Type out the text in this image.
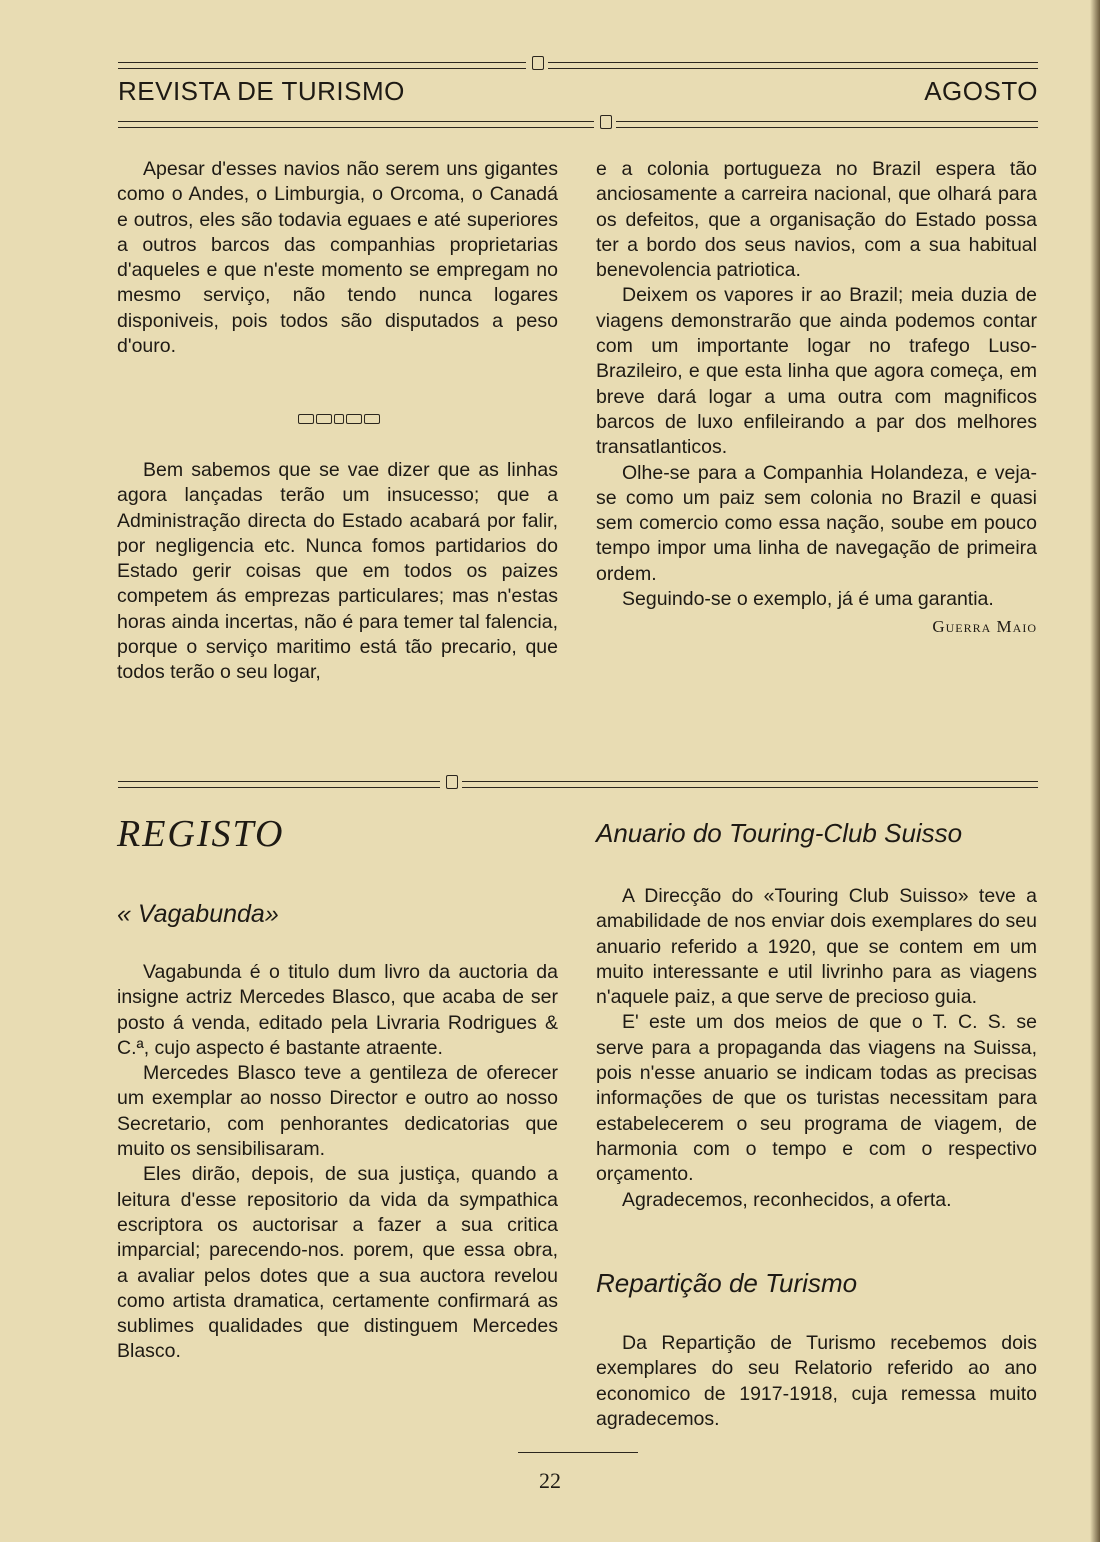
REVISTA DE TURISMO	AGOSTO

Apesar d'esses navios não serem uns gigantes como o Andes, o Limburgia, o Orcoma, o Canadá e outros, eles são todavia eguaes e até superiores a outros barcos das companhias proprietarias d'aqueles e que n'este momento se empregam no mesmo serviço, não tendo nunca logares disponiveis, pois todos são disputados a peso d'ouro.

Bem sabemos que se vae dizer que as linhas agora lançadas terão um insucesso; que a Administração directa do Estado acabará por falir, por negligencia etc. Nunca fomos partidarios do Estado gerir coisas que em todos os paizes competem ás emprezas particulares; mas n'estas horas ainda incertas, não é para temer tal falencia, porque o serviço maritimo está tão precario, que todos terão o seu logar,

e a colonia portugueza no Brazil espera tão anciosamente a carreira nacional, que olhará para os defeitos, que a organisação do Estado possa ter a bordo dos seus navios, com a sua habitual benevolencia patriotica.

Deixem os vapores ir ao Brazil; meia duzia de viagens demonstrarão que ainda podemos contar com um importante logar no trafego Luso-Brazileiro, e que esta linha que agora começa, em breve dará logar a uma outra com magnificos barcos de luxo enfileirando a par dos melhores transatlanticos.

Olhe-se para a Companhia Holandeza, e veja-se como um paiz sem colonia no Brazil e quasi sem comercio como essa nação, soube em pouco tempo impor uma linha de navegação de primeira ordem.

Seguindo-se o exemplo, já é uma garantia.

Guerra Maio
REGISTO
« Vagabunda»

Vagabunda é o titulo dum livro da auctoria da insigne actriz Mercedes Blasco, que acaba de ser posto á venda, editado pela Livraria Rodrigues & C.ª, cujo aspecto é bastante atraente.

Mercedes Blasco teve a gentileza de oferecer um exemplar ao nosso Director e outro ao nosso Secretario, com penhorantes dedicatorias que muito os sensibilisaram.

Eles dirão, depois, de sua justiça, quando a leitura d'esse repositorio da vida da sympathica escriptora os auctorisar a fazer a sua critica imparcial; parecendo-nos. porem, que essa obra, a avaliar pelos dotes que a sua auctora revelou como artista dramatica, certamente confirmará as sublimes qualidades que distinguem Mercedes Blasco.

Anuario do Touring-Club Suisso

A Direcção do «Touring Club Suisso» teve a amabilidade de nos enviar dois exemplares do seu anuario referido a 1920, que se contem em um muito interessante e util livrinho para as viagens n'aquele paiz, a que serve de precioso guia.

E' este um dos meios de que o T. C. S. se serve para a propaganda das viagens na Suissa, pois n'esse anuario se indicam todas as precisas informações de que os turistas necessitam para estabelecerem o seu programa de viagem, de harmonia com o tempo e com o respectivo orçamento.

Agradecemos, reconhecidos, a oferta.

Repartição de Turismo

Da Repartição de Turismo recebemos dois exemplares do seu Relatorio referido ao ano economico de 1917-1918, cuja remessa muito agradecemos.

22
